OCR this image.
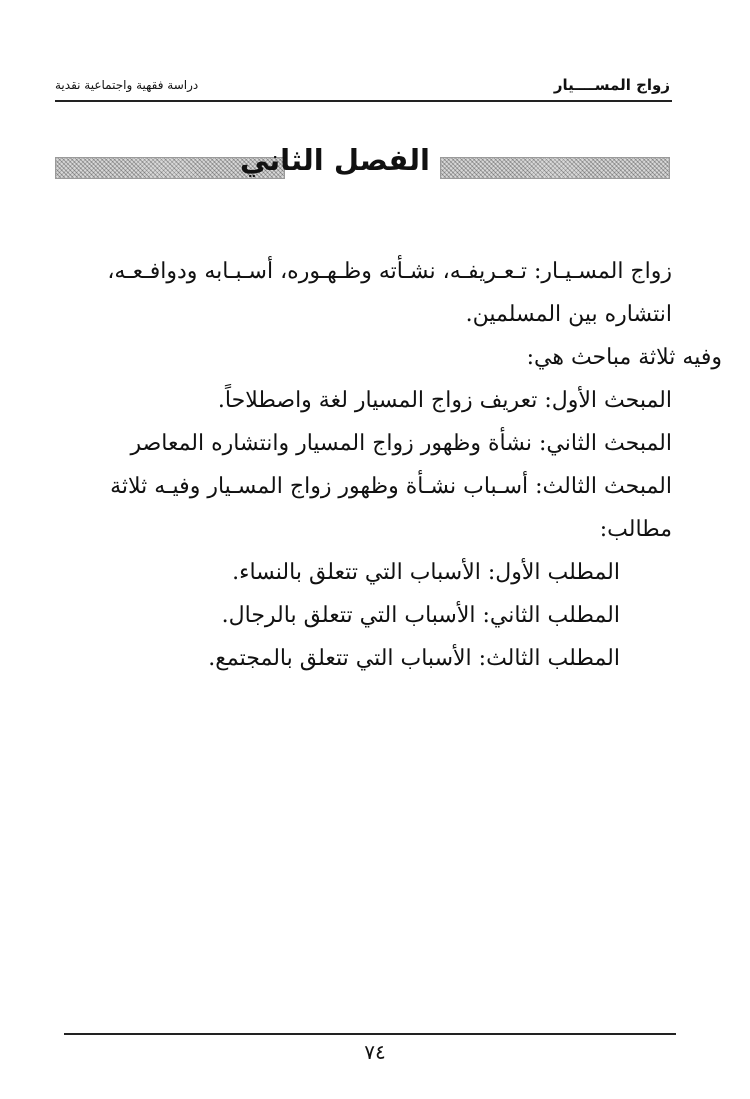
زواج المســــيار
دراسة فقهية واجتماعية نقدية
الفصل الثاني

زواج المسـيـار: تـعـريفـه، نشـأته وظـهـوره، أسـبـابه ودوافـعـه،

انتشاره بين المسلمين.

وفيه ثلاثة مباحث هي:

المبحث الأول: تعريف زواج المسيار لغة واصطلاحاً.

المبحث الثاني: نشأة وظهور زواج المسيار وانتشاره المعاصر

المبحث الثالث: أسـباب نشـأة وظهور زواج المسـيار وفيـه ثلاثة

مطالب:

المطلب الأول: الأسباب التي تتعلق بالنساء.

المطلب الثاني: الأسباب التي تتعلق بالرجال.

المطلب الثالث: الأسباب التي تتعلق بالمجتمع.

٧٤
